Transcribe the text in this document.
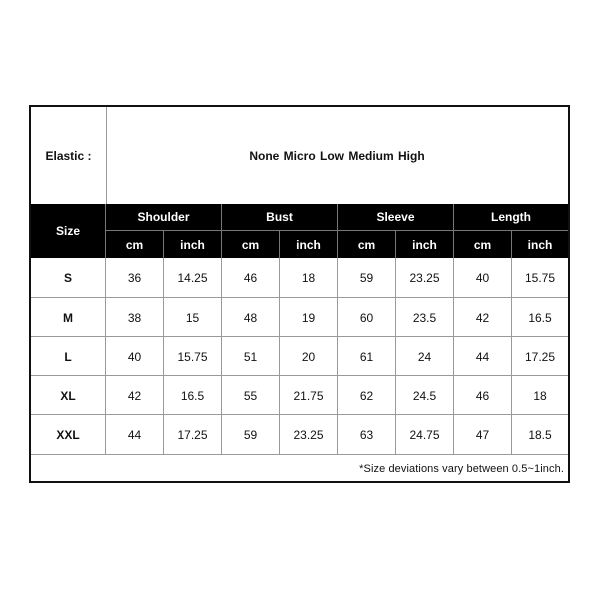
Elastic :	None Micro Low Medium High
Size
Shoulder	Bust	Sleeve	Length
cm	inch	cm	inch	cm	inch	cm	inch
S	36	14.25	46	18	59	23.25	40	15.75
M	38	15	48	19	60	23.5	42	16.5
L	40	15.75	51	20	61	24	44	17.25
XL	42	16.5	55	21.75	62	24.5	46	18
XXL	44	17.25	59	23.25	63	24.75	47	18.5
*Size deviations vary between 0.5~1inch.
